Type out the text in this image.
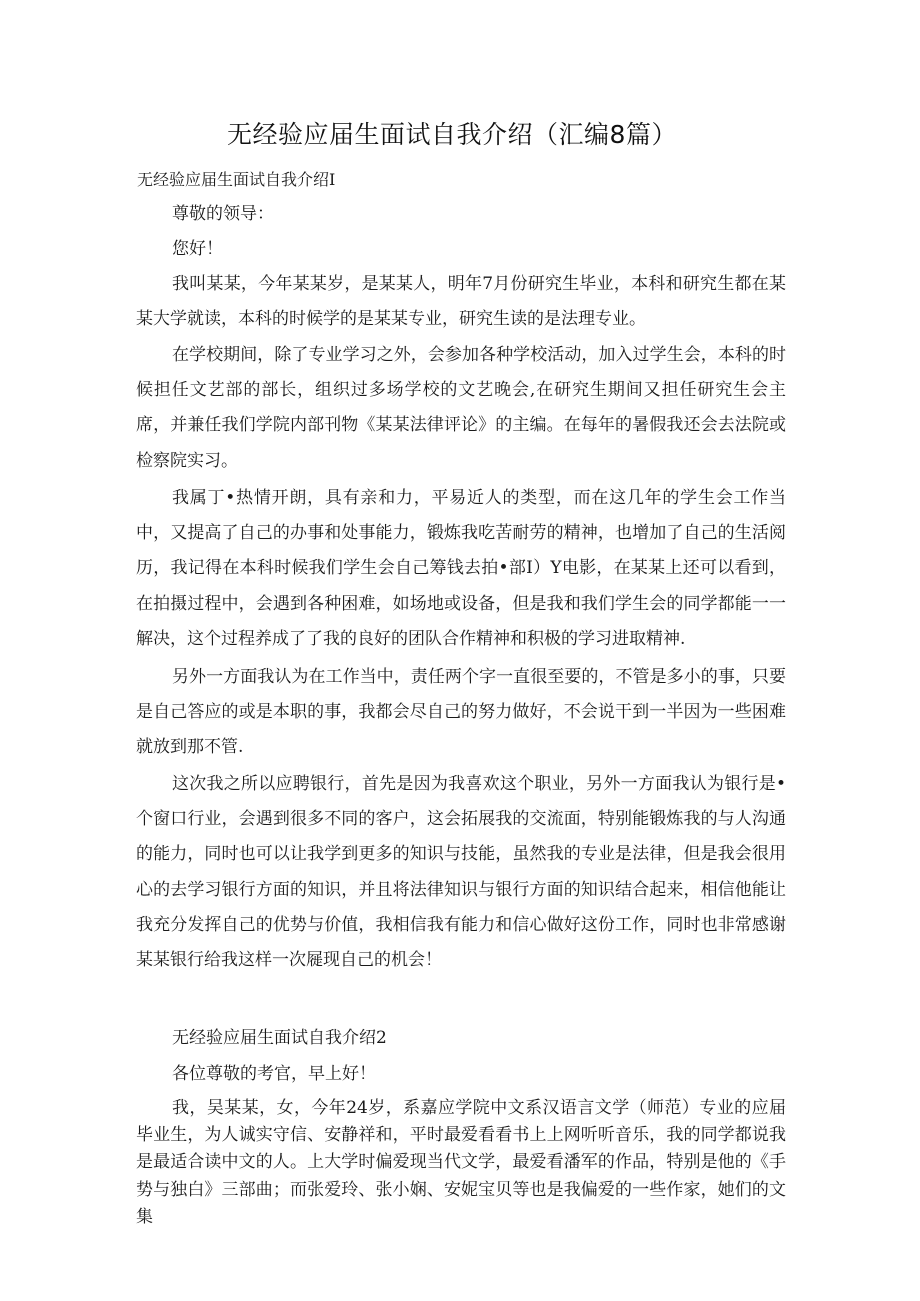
无经验应届生面试自我介绍（汇编8篇）

无经验应届生面试自我介绍I

尊敬的领导：

您好！

我叫某某，今年某某岁，是某某人，明年7月份研究生毕业，本科和研究生都在某某大学就读，本科的时候学的是某某专业，研究生读的是法理专业。

在学校期间，除了专业学习之外，会参加各种学校活动，加入过学生会，本科的时候担任文艺部的部长，组织过多场学校的文艺晚会,在研究生期间又担任研究生会主席，并兼任我们学院内部刊物《某某法律评论》的主编。在每年的暑假我还会去法院或检察院实习。

我属丁•热情开朗，具有亲和力，平易近人的类型，而在这几年的学生会工作当中，又提高了自己的办事和处事能力，锻炼我吃苦耐劳的精神，也增加了自己的生活阅历，我记得在本科时候我们学生会自己筹钱去拍•部I）Y电影，在某某上还可以看到，在拍摄过程中，会遇到各种困难，如场地或设备，但是我和我们学生会的同学都能一一解决，这个过程养成了了我的良好的团队合作精神和积极的学习进取精神.

另外一方面我认为在工作当中，责任两个字一直很至要的，不管是多小的事，只要是自己答应的或是本职的事，我都会尽自己的努力做好，不会说干到一半因为一些困难就放到那不管.

这次我之所以应聘银行，首先是因为我喜欢这个职业，另外一方面我认为银行是•个窗口行业，会遇到很多不同的客户，这会拓展我的交流面，特别能锻炼我的与人沟通的能力，同时也可以让我学到更多的知识与技能，虽然我的专业是法律，但是我会很用心的去学习银行方面的知识，并且将法律知识与银行方面的知识结合起来，相信他能让我充分发挥自己的优势与价值，我相信我有能力和信心做好这份工作，同时也非常感谢某某银行给我这样一次屣现自己的机会！

无经验应届生面试自我介绍2

各位尊敬的考官，早上好！

我，吴某某，女，今年24岁，系嘉应学院中文系汉语言文学（师范）专业的应届毕业生，为人诚实守信、安静祥和，平时最爱看看书上上网听听音乐，我的同学都说我是最适合读中文的人。上大学时偏爱现当代文学，最爱看潘军的作品，特别是他的《手势与独白》三部曲；而张爱玲、张小娴、安妮宝贝等也是我偏爱的一些作家，她们的文集
